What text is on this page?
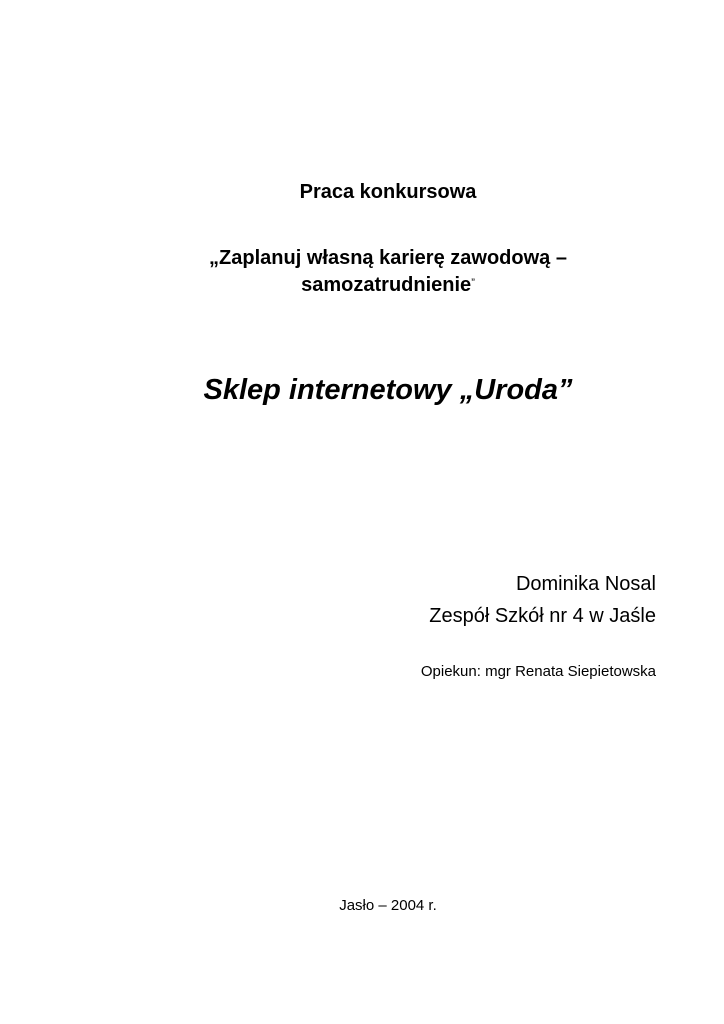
Praca konkursowa
„Zaplanuj własną karierę zawodową –
samozatrudnienie”
Sklep internetowy „Uroda”
Dominika Nosal
Zespół Szkół nr 4 w Jaśle
Opiekun: mgr Renata Siepietowska
Jasło – 2004 r.
